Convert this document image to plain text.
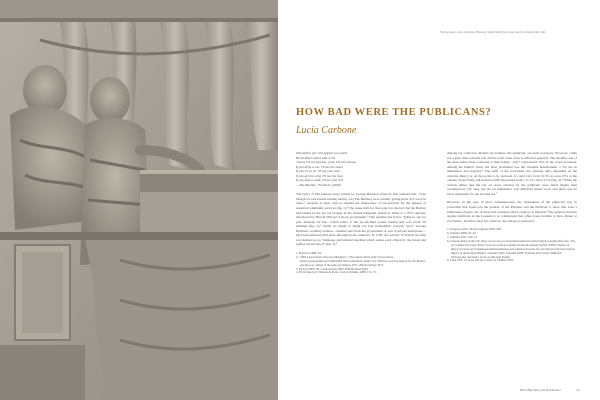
Facing page: A tax collector. Honorary tomb relief from Gaul, early second century AD.
HOW BAD WERE THE PUBLICANS?
Lucia Carbone
Should five per cent appear too small
Be thankful I don't take it all
'Cause I'm the taxman, yeah, I'm the taxman
If you drive a car, I'll tax the street
If you try to sit, I'll tax your seat
If you get too cold, I'll tax the heat
If you take a walk, I'll tax your feet
—The Beatles, "Taxman" (1966)

The lyrics of this famous song, written by George Harrison when he first realized that, "even though we had started earning money, we [The Beatles] were actually giving most of it away in taxes," resonate at large with no despite the importance of tax-exaction for the upkeep of essential community services (fig. 1).¹ The cause befit for this song was the fact that the Beatles had landed in the top tax bracket in the United Kingdom, therefore liable to a 95% supertax introduced by Harold Wilson's Labour government.² This explains the lyrics, "[t]here's one for you, nineteen for me," which refers to the pre-decimal pound sterling that was worth 20 shillings (fig. 2).³ While we might or might not feel sympathetic towards "poor" George Harrison, certainly taxmen—whether sent from the government or part of private enterprises—have had universal bad press throughout the centuries. In 1782, the activity of French tax men was defined as an "immense and infernal machine which seizes each citizen by the throat and pumps out his blood" (fig. 3).⁴

1. Harrison 1980: 94.
2. "1964 Labour Party Election Manifesto," The Labour Party, http://www.labour-party.org.uk/manifestos/1964/1964-labour-manifesto.shtml. For Wilson's own fascination for the Beatles and the pop culture of the time see Wilson 1971: 268 and Alday 2015.
3. Everett 2000: 60; Clark-Gibson 2002; Bell-Holland 2004.
4. From Mercier's Tableau de Paris, cited in Schama 1989: 172–73.

Among tax collectors, Roman tax-farmers, the publicani, are quite notorious. However, while not a joke, their taxation rate did not even come close to Wilson's supertax. The decuma, one of the most hated taxes collected at their hands, "only" represented 10% of the crops produced. Among the indirect taxes, the most prominent was the vicesima hereditatium, a 5% tax on inheritance and legacies.⁵ The tariff of the portorium, the customs duty, depended on the customs district or on the goods to be declared. It could vary from 12.5% to even 25% at the outside (in the East), but internal tariffs fluctuated from 1 to 5%, often 2.5% (fig. 4).⁶ While the custom duties and the tax on crops exacted by the publicani were much higher than contemporary US ones, the tax on inheritance was definitely much lower and there was no exact equivalent for our income tax.⁷

However, in the eyes of their contemporaries, the wickedness of the publicani was so proverbial that Jesus told the parable of the Pharisee and the Publican to show that even a publicanus (clearly one of most evil creatures alive) could go to Heaven.⁸ The general aversion against publicani in the Gospels is so widespread that when Jesus decides to have dinner at Zacchaeus', Jericho's chief tax collector, the outrage is universal

5. Ferguson 2002, 39 and Johnson 2006: 964.
6. Günther 2008: 23–34.
7. Günther 2011: 220–31.
8. Custom duties in the US: https://www.cbp.gov/travel/international-visitors/kbyg/customs-duty-info. Tax on commercial crops: https://www.ers.usda.gov/publications/pub-details/?pubid=43834. Estate tax: https://www.irs.gov/businesses/small-businesses-self-employed/estate-tax. Income growth and taxation impact in the Roman Empire: Scheidel 2007; Scheidel 2008; Scheidel 2015 (with additional bibliography and major focus on Imperial Rome).
9. Luke 18:9–14. Jews and tax collectors: Walker 1978.
How Bad Were the Publicans?	13
